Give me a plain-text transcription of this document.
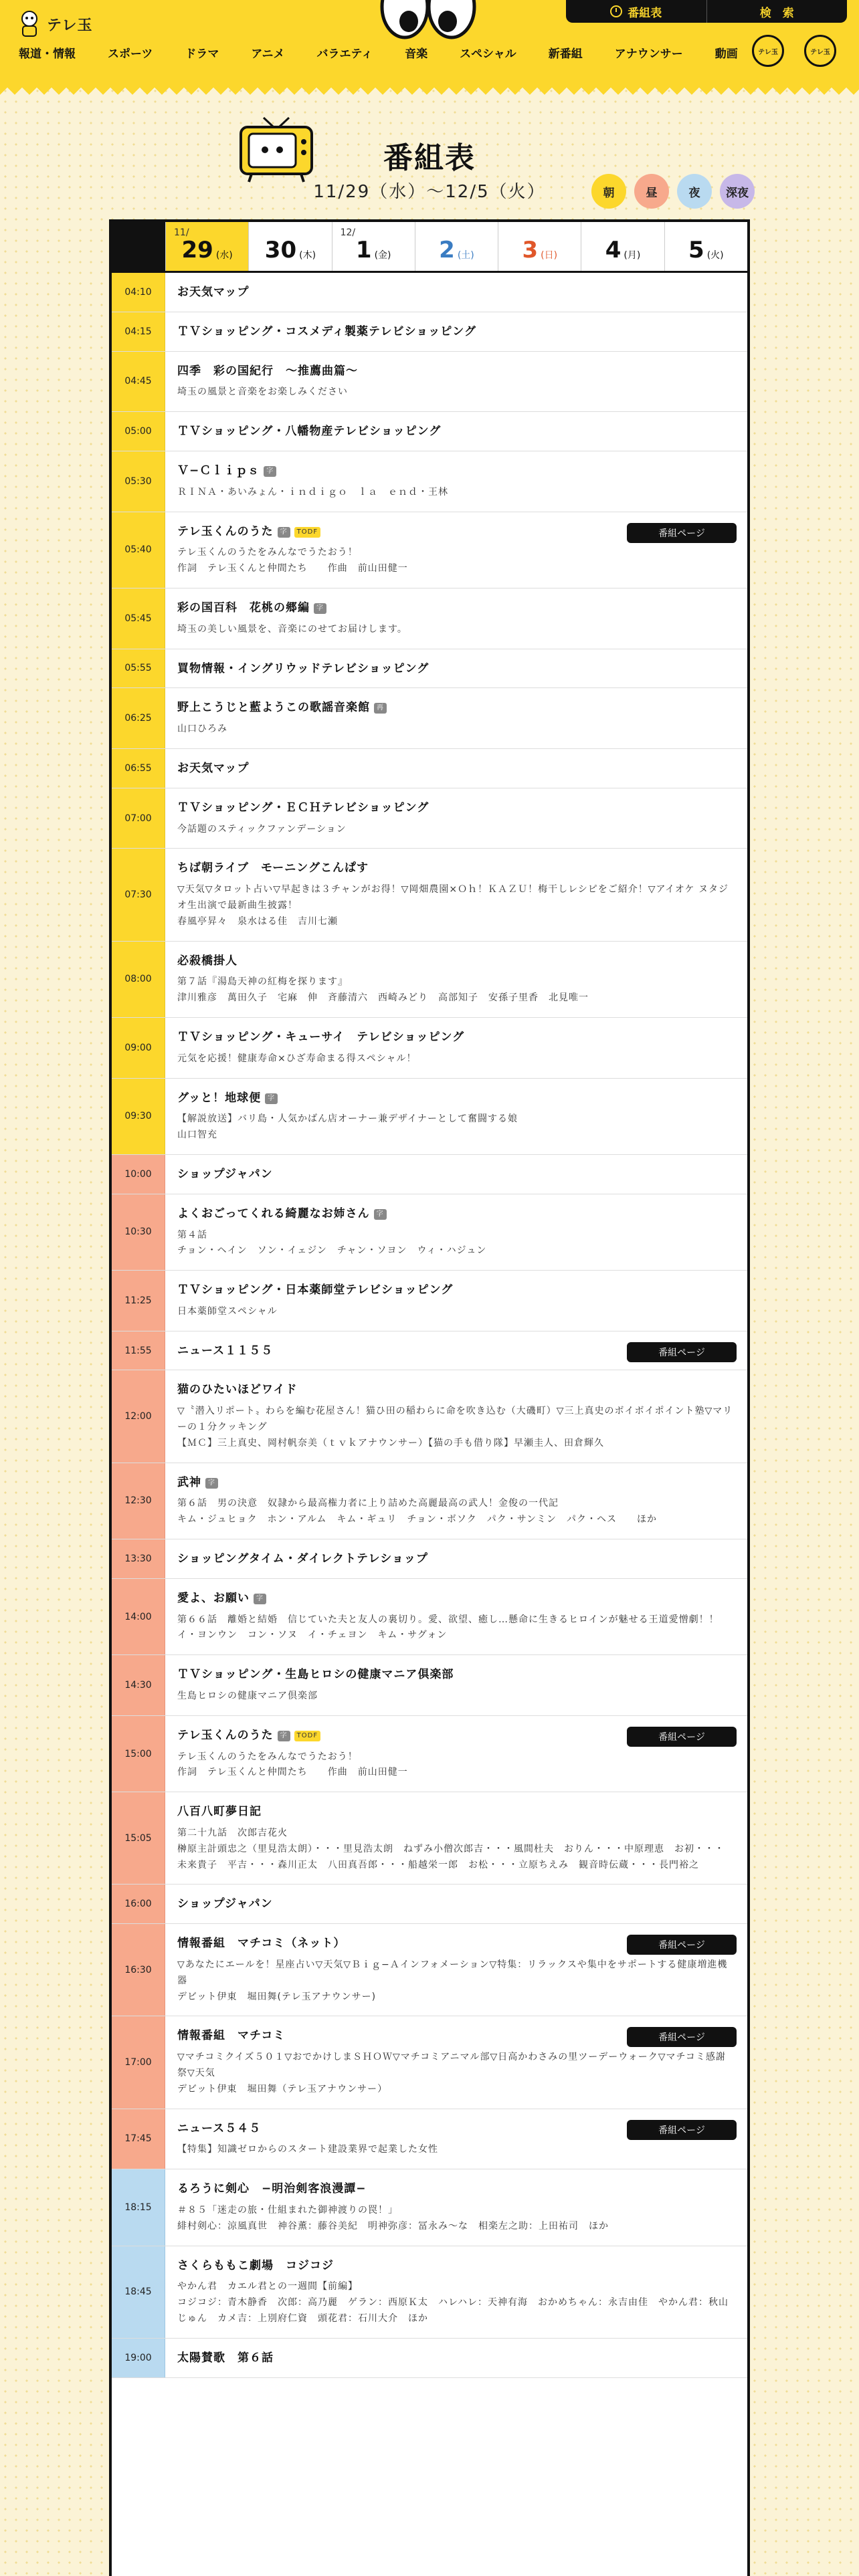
テレ玉
番組表	検　索
報道・情報	スポーツ	ドラマ	アニメ	バラエティ	音楽	スペシャル	新番組	アナウンサー	動画	テレ玉	テレ玉
番組表
11/29（水）〜12/5（火）	朝	昼	夜 深夜
11/
29 (水) 30 (木)
12/
1 (金) 2 (土) 3 (日) 4 (月) 5 (火)
04:10	お天気マップ
04:15	ＴＶショッピング・コスメディ製薬テレビショッピング
04:45
四季　彩の国紀行　〜推薦曲篇〜
埼玉の風景と音楽をお楽しみください
05:00	ＴＶショッピング・八幡物産テレビショッピング
05:30
Ｖ−Ｃｌｉｐｓ 字
ＲＩＮＡ・あいみょん・ｉｎｄｉｇｏ　ｌａ　ｅｎｄ・王林
05:40
テレ玉くんのうた 字 TODF
テレ玉くんのうたをみんなでうたおう！
作詞　テレ玉くんと仲間たち　　作曲　前山田健一
番組ページ
05:45
彩の国百科　花桃の郷編 字
埼玉の美しい風景を、音楽にのせてお届けします。
05:55	買物情報・イングリウッドテレビショッピング
06:25
野上こうじと藍ようこの歌謡音楽館 再
山口ひろみ
06:55	お天気マップ
07:00
ＴＶショッピング・ＥＣＨテレビショッピング
今話題のスティックファンデーション
07:30
ちば朝ライブ　モーニングこんぱす
▽天気▽タロット占い▽早起きは３チャンがお得！▽岡畑農園×Ｏｈ！ＫＡＺＵ！梅干しレシピをご紹介！▽アイオケ ヌタジオ生出演で最新曲生披露！
春風亭昇々　泉水はる佳　吉川七瀬
08:00
必殺橋掛人
第７話『湯島天神の紅梅を探ります』
津川雅彦　萬田久子　宅麻　伸　斉藤清六　西崎みどり　高部知子　安孫子里香　北見唯一
09:00
ＴＶショッピング・キューサイ　テレビショッピング
元気を応援！健康寿命×ひざ寿命まる得スペシャル！
09:30
グッと！地球便 字
【解説放送】バリ島・人気かばん店オーナー兼デザイナーとして奮闘する娘
山口智充
10:00	ショップジャパン
10:30
よくおごってくれる綺麗なお姉さん 字
第４話
チョン・ヘイン　ソン・イェジン　チャン・ソヨン　ウィ・ハジュン
11:25
ＴＶショッピング・日本薬師堂テレビショッピング
日本薬師堂スペシャル
11:55	ニュース１１５５	番組ページ
12:00
猫のひたいほどワイド
▽〝潜入リポート〟わらを編む花屋さん！猫ひ田の稲わらに命を吹き込む（大磯町）▽三上真史のボイボイポイント塾▽マリーの１分クッキング
【ＭＣ】三上真史、岡村帆奈美（ｔｖｋアナウンサー）【猫の手も借り隊】早瀬圭人、田倉輝久
12:30
武神 字
第６話　男の決意　奴隷から最高権力者に上り詰めた高麗最高の武人！金俊の一代記
キム・ジュヒョク　ホン・アルム　キム・ギュリ　チョン・ボソク　パク・サンミン　パク・ヘス　　ほか
13:30	ショッピングタイム・ダイレクトテレショップ
14:00
愛よ、お願い 字
第６６話　離婚と結婚　信じていた夫と友人の裏切り。愛、欲望、癒し…懸命に生きるヒロインが魅せる王道愛憎劇！！
イ・ヨンウン　コン・ソヌ　イ・チェヨン　キム・サグォン
14:30
ＴＶショッピング・生島ヒロシの健康マニア倶楽部
生島ヒロシの健康マニア倶楽部
15:00
テレ玉くんのうた 字 TODF
テレ玉くんのうたをみんなでうたおう！
作詞　テレ玉くんと仲間たち　　作曲　前山田健一
番組ページ
15:05
八百八町夢日記
第二十九話　次郎吉花火
榊原主計頭忠之（里見浩太朗）・・・里見浩太朗　ねずみ小僧次郎吉・・・風間杜夫　おりん・・・中原理恵　お初・・・未来貴子　平吉・・・森川正太　八田真吾郎・・・船越栄一郎　お松・・・立原ちえみ　観音時伝蔵・・・長門裕之
16:00	ショップジャパン
16:30
情報番組　マチコミ（ネット）
▽あなたにエールを！星座占い▽天気▽Ｂｉｇ−Ａインフォメーション▽特集：リラックスや集中をサポートする健康増進機器
デビット伊東　堀田舞(テレ玉アナウンサー)
番組ページ
17:00
情報番組　マチコミ
▽マチコミクイズ５０１▽おでかけしまＳＨＯＷ▽マチコミアニマル部▽日高かわさみの里ツーデーウォーク▽マチコミ感謝祭▽天気
デビット伊東　堀田舞（テレ玉アナウンサー）
番組ページ
17:45
ニュース５４５
【特集】知識ゼロからのスタート建設業界で起業した女性
番組ページ
18:15
るろうに剣心　−明治剣客浪漫譚−
＃８５「迷走の旅・仕組まれた御神渡りの罠！」
緋村剣心：涼風真世　神谷薫：藤谷美紀　明神弥彦：冨永み〜な　相楽左之助：上田祐司　ほか
18:45
さくらももこ劇場　コジコジ
やかん君　カエル君との一週間【前編】
コジコジ：青木静香　次郎：高乃麗　ゲラン：西原Ｋ太　ハレハレ：天神有海　おかめちゃん：永吉由佳　やかん君：秋山じゅん　カメ吉：上別府仁資　頭花君：石川大介　ほか
19:00	太陽賛歌　第６話
